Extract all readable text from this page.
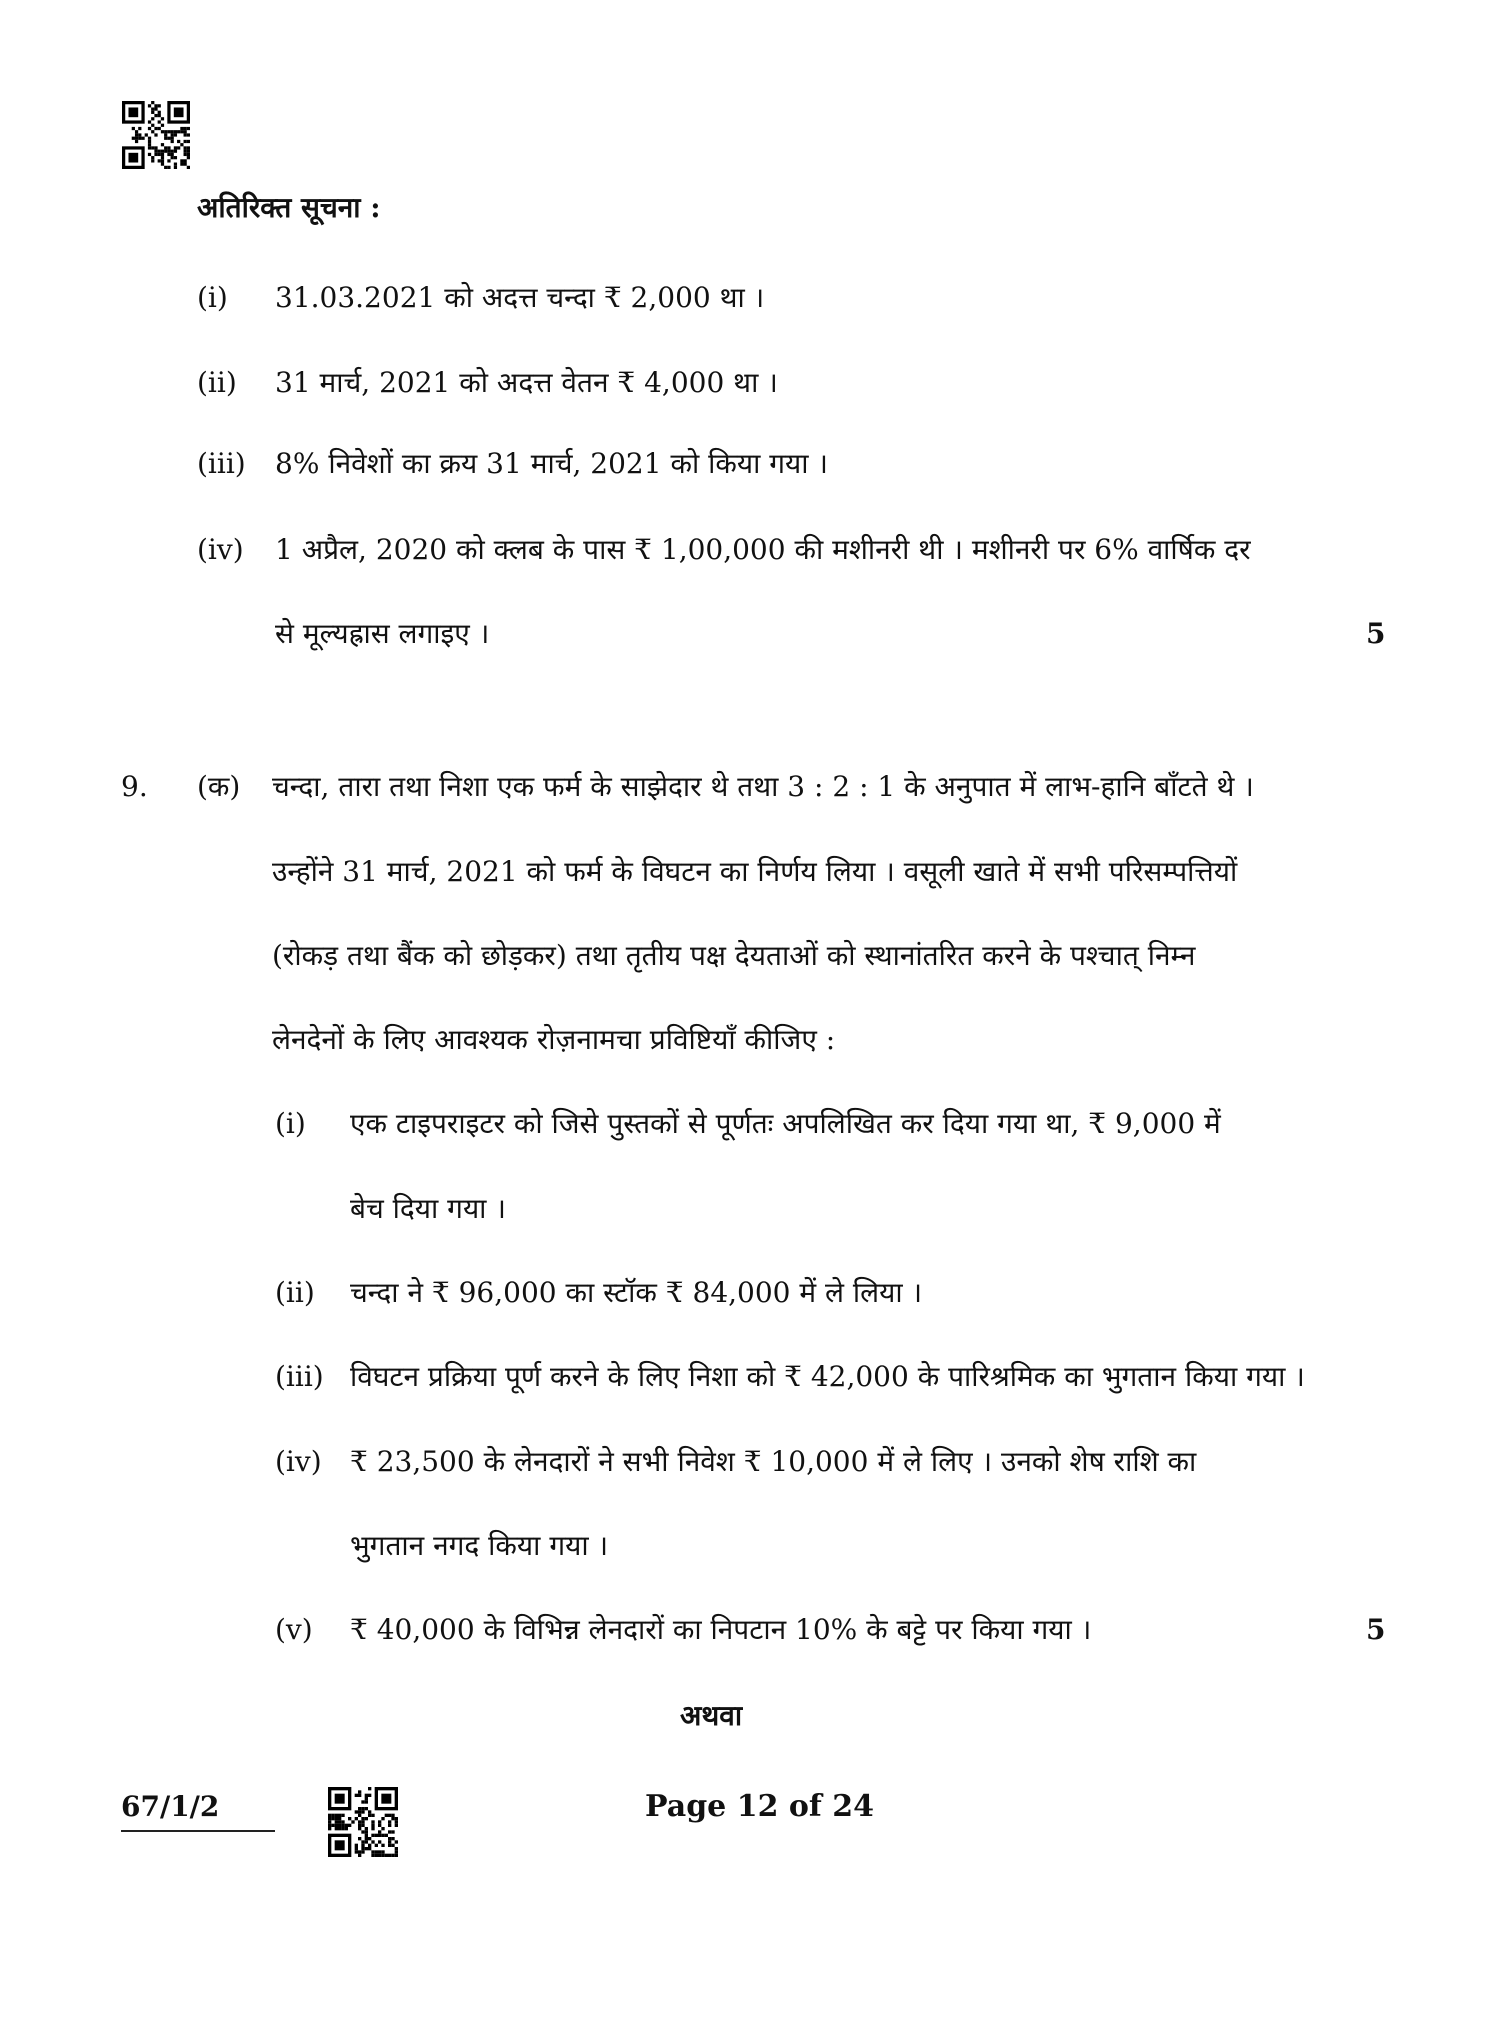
अतिरिक्त सूचना :
(i) 31.03.2021 को अदत्त चन्दा ₹ 2,000 था ।
(ii) 31 मार्च, 2021 को अदत्त वेतन ₹ 4,000 था ।
(iii) 8% निवेशों का क्रय 31 मार्च, 2021 को किया गया ।
(iv) 1 अप्रैल, 2020 को क्लब के पास ₹ 1,00,000 की मशीनरी थी । मशीनरी पर 6% वार्षिक दर
से मूल्यह्रास लगाइए ।	5
9. (क) चन्दा, तारा तथा निशा एक फर्म के साझेदार थे तथा 3 : 2 : 1 के अनुपात में लाभ-हानि बाँटते थे ।
उन्होंने 31 मार्च, 2021 को फर्म के विघटन का निर्णय लिया । वसूली खाते में सभी परिसम्पत्तियों
(रोकड़ तथा बैंक को छोड़कर) तथा तृतीय पक्ष देयताओं को स्थानांतरित करने के पश्चात् निम्न
लेनदेनों के लिए आवश्यक रोज़नामचा प्रविष्टियाँ कीजिए :
(i) एक टाइपराइटर को जिसे पुस्तकों से पूर्णतः अपलिखित कर दिया गया था, ₹ 9,000 में
बेच दिया गया ।
(ii) चन्दा ने ₹ 96,000 का स्टॉक ₹ 84,000 में ले लिया ।
(iii) विघटन प्रक्रिया पूर्ण करने के लिए निशा को ₹ 42,000 के पारिश्रमिक का भुगतान किया गया ।
(iv) ₹ 23,500 के लेनदारों ने सभी निवेश ₹ 10,000 में ले लिए । उनको शेष राशि का
भुगतान नगद किया गया ।
(v) ₹ 40,000 के विभिन्न लेनदारों का निपटान 10% के बट्टे पर किया गया ।	5
अथवा
67/1/2	Page 12 of 24
